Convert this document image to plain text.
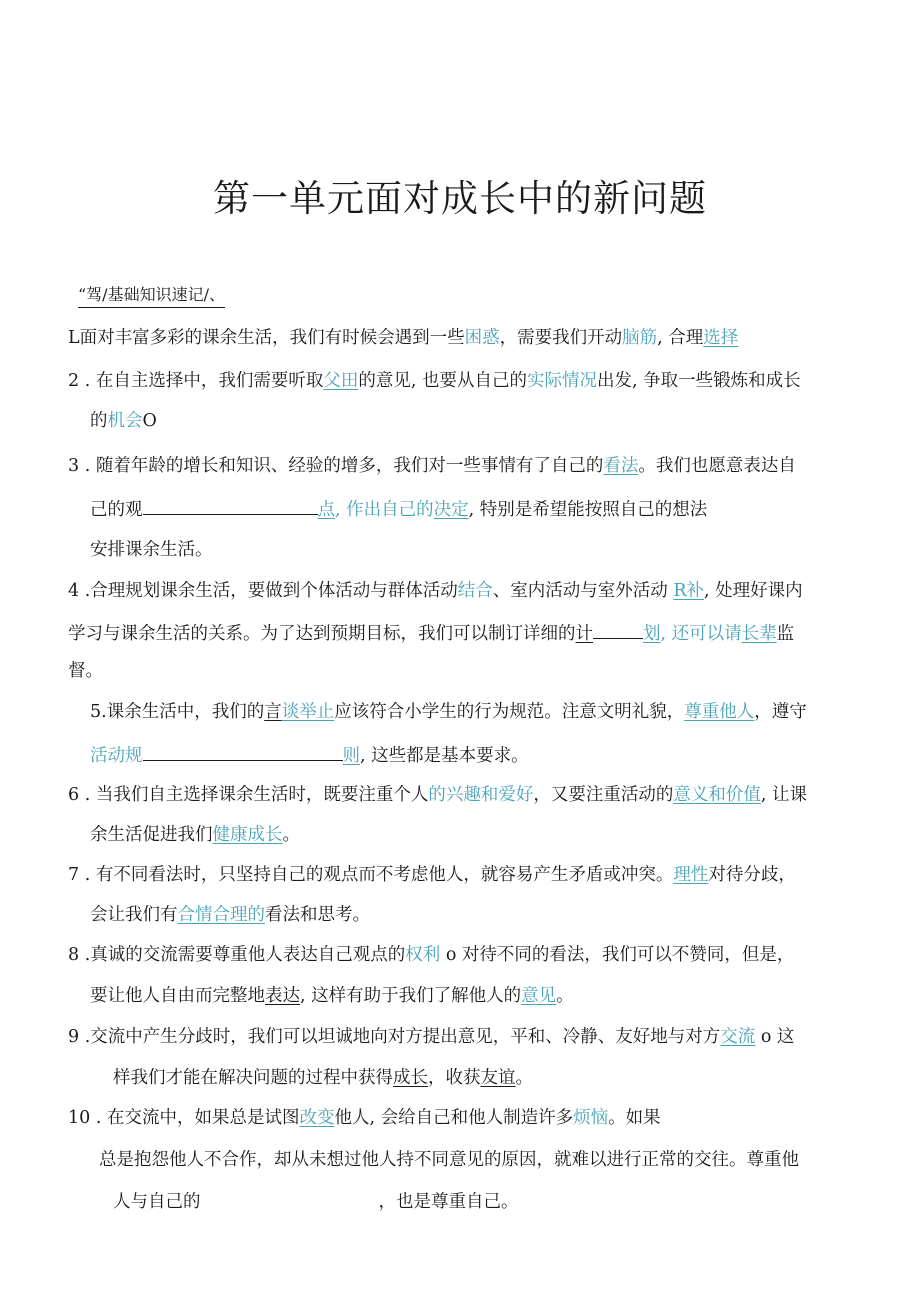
第一单元面对成长中的新问题
“驾/基础知识速记/、
L面对丰富多彩的课余生活，我们有时候会遇到一些困惑，需要我们开动脑筋, 合理选择
2 . 在自主选择中，我们需要听取父田的意见, 也要从自己的实际情况出发, 争取一些锻炼和成长
的机会O
3 . 随着年龄的增长和知识、经验的增多，我们对一些事情有了自己的看法。我们也愿意表达自
己的观	点, 作出自己的决定, 特别是希望能按照自己的想法
安排课余生活。
4 .合理规划课余生活，要做到个体活动与群体活动结合、室内活动与室外活动 R补, 处理好课内
学习与课余生活的关系。为了达到预期目标，我们可以制订详细的计	划, 还可以请长辈监
督。
5.课余生活中，我们的言谈举止应该符合小学生的行为规范。注意文明礼貌，尊重他人，遵守
活动规	则, 这些都是基本要求。
6 . 当我们自主选择课余生活时，既要注重个人的兴趣和爱好，又要注重活动的意义和价值, 让课
余生活促进我们健康成长。
7 . 有不同看法时，只坚持自己的观点而不考虑他人，就容易产生矛盾或冲突。理性对待分歧，
会让我们有合情合理的看法和思考。
8 .真诚的交流需要尊重他人表达自己观点的权利 o 对待不同的看法，我们可以不赞同，但是，
要让他人自由而完整地表达, 这样有助于我们了解他人的意见。
9 .交流中产生分歧时，我们可以坦诚地向对方提出意见，平和、冷静、友好地与对方交流 o 这
样我们才能在解决问题的过程中获得成长，收获友谊。
10 . 在交流中，如果总是试图改变他人, 会给自己和他人制造许多烦恼。如果
总是抱怨他人不合作，却从未想过他人持不同意见的原因，就难以进行正常的交往。尊重他
人与自己的	，也是尊重自己。
